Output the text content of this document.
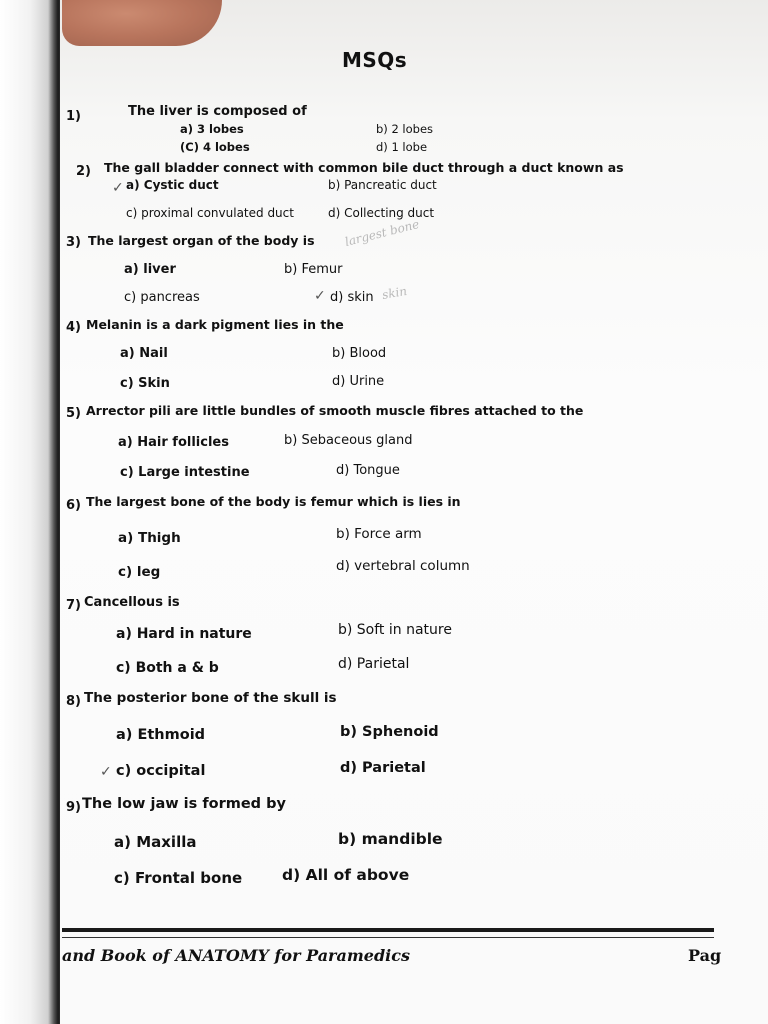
MSQs
1)	The liver is composed of
a) 3 lobes	b) 2 lobes
(C) 4 lobes	d) 1 lobe
2) The gall bladder connect with common bile duct through a duct known as
✓ a) Cystic duct	b) Pancreatic duct
c) proximal convulated duct	d) Collecting duct
3) The largest organ of the body is
a) liver	b) Femur
largest bone
c) pancreas	✓ d) skin skin
4) Melanin is a dark pigment lies in the
a) Nail	b) Blood
c) Skin	d) Urine
5) Arrector pili are little bundles of smooth muscle fibres attached to the
a) Hair follicles	b) Sebaceous gland
c) Large intestine	d) Tongue
6) The largest bone of the body is femur which is lies in
a) Thigh	b) Force arm
c) leg	d) vertebral column
7) Cancellous is
a) Hard in nature	b) Soft in nature
c) Both a & b	d) Parietal
8) The posterior bone of the skull is
a) Ethmoid	b) Sphenoid
✓ c) occipital	d) Parietal
9) The low jaw is formed by
a) Maxilla	b) mandible
c) Frontal bone	d) All of above
and Book of ANATOMY for Paramedics	Pag
